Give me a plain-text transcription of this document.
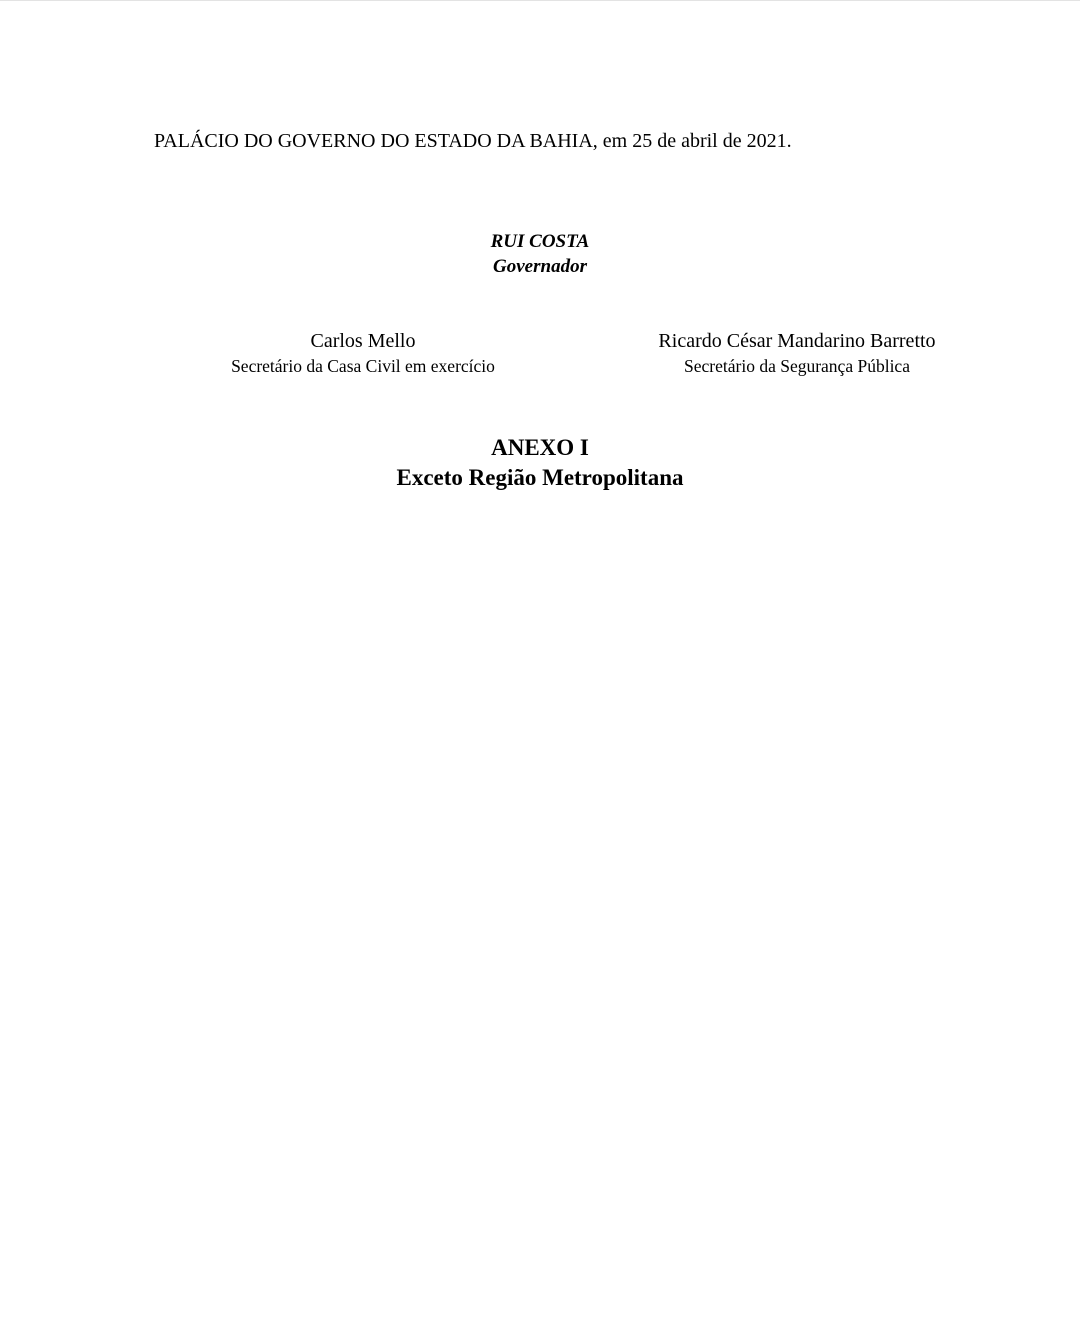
PALÁCIO DO GOVERNO DO ESTADO DA BAHIA, em 25 de abril de 2021.
RUI COSTA
Governador
Carlos Mello
Secretário da Casa Civil em exercício
Ricardo César Mandarino Barretto
Secretário da Segurança Pública
ANEXO I
Exceto Região Metropolitana
